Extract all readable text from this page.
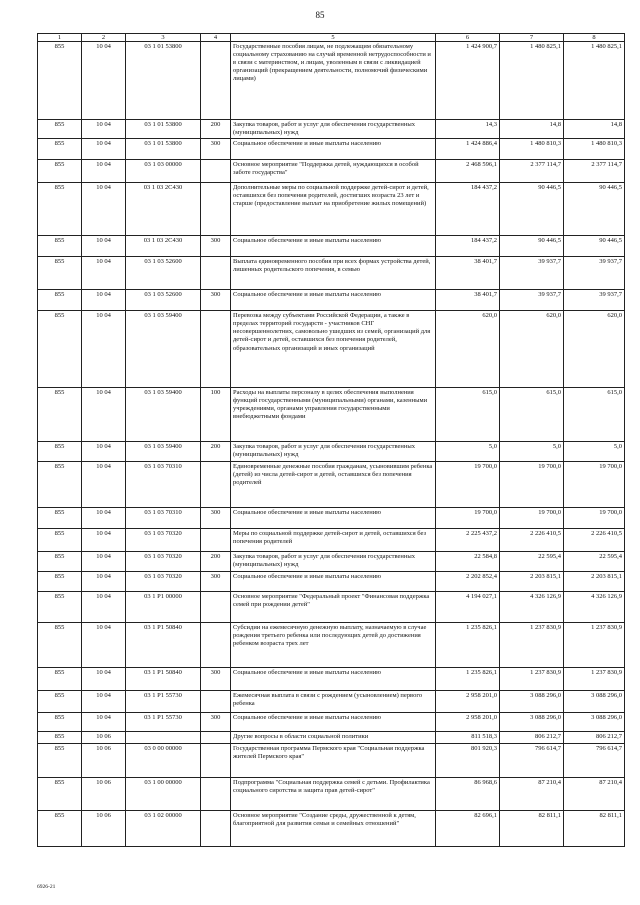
85
1	2	3	4	5	6	7	8
855	10 04	03 1 01 53800		Государственные пособия лицам, не подлежащим обязательному социальному страхованию на случай временной нетрудоспособности и в связи с материнством, и лицам, уволенным в связи с ликвидацией организаций (прекращением деятельности, полномочий физическими лицами)	1 424 900,7	1 480 825,1	1 480 825,1
855	10 04	03 1 01 53800	200	Закупка товаров, работ и услуг для обеспечения государственных (муниципальных) нужд	14,3	14,8	14,8
855	10 04	03 1 01 53800	300	Социальное обеспечение и иные выплаты населению	1 424 886,4	1 480 810,3	1 480 810,3
855	10 04	03 1 03 00000		Основное мероприятие "Поддержка детей, нуждающихся в особой заботе государства"	2 468 596,1	2 377 114,7	2 377 114,7
855	10 04	03 1 03 2C430		Дополнительные меры по социальной поддержке детей-сирот и детей, оставшихся без попечения родителей, достигших возраста 23 лет и старше (предоставление выплат на приобретение жилых помещений)	184 437,2	90 446,5	90 446,5
855	10 04	03 1 03 2C430	300	Социальное обеспечение и иные выплаты населению	184 437,2	90 446,5	90 446,5
855	10 04	03 1 03 52600		Выплата единовременного пособия при всех формах устройства детей, лишенных родительского попечения, в семью	38 401,7	39 937,7	39 937,7
855	10 04	03 1 03 52600	300	Социальное обеспечение и иные выплаты населению	38 401,7	39 937,7	39 937,7
855	10 04	03 1 03 59400		Перевозка между субъектами Российской Федерации, а также в пределах территорий государств - участников СНГ несовершеннолетних, самовольно ушедших из семей, организаций для детей-сирот и детей, оставшихся без попечения родителей, образовательных организаций и иных организаций	620,0	620,0	620,0
855	10 04	03 1 03 59400	100	Расходы на выплаты персоналу в целях обеспечения выполнения функций государственными (муниципальными) органами, казенными учреждениями, органами управления государственными внебюджетными фондами	615,0	615,0	615,0
855	10 04	03 1 03 59400	200	Закупка товаров, работ и услуг для обеспечения государственных (муниципальных) нужд	5,0	5,0	5,0
855	10 04	03 1 03 70310		Единовременные денежные пособия гражданам, усыновившим ребенка (детей) из числа детей-сирот и детей, оставшихся без попечения родителей	19 700,0	19 700,0	19 700,0
855	10 04	03 1 03 70310	300	Социальное обеспечение и иные выплаты населению	19 700,0	19 700,0	19 700,0
855	10 04	03 1 03 70320		Меры по социальной поддержке детей-сирот и детей, оставшихся без попечения родителей	2 225 437,2	2 226 410,5	2 226 410,5
855	10 04	03 1 03 70320	200	Закупка товаров, работ и услуг для обеспечения государственных (муниципальных) нужд	22 584,8	22 595,4	22 595,4
855	10 04	03 1 03 70320	300	Социальное обеспечение и иные выплаты населению	2 202 852,4	2 203 815,1	2 203 815,1
855	10 04	03 1 P1 00000		Основное мероприятие "Федеральный проект "Финансовая поддержка семей при рождении детей"	4 194 027,1	4 326 126,9	4 326 126,9
855	10 04	03 1 P1 50840		Субсидии на ежемесячную денежную выплату, назначаемую в случае рождения третьего ребенка или последующих детей до достижения ребенком возраста трех лет	1 235 826,1	1 237 830,9	1 237 830,9
855	10 04	03 1 P1 50840	300	Социальное обеспечение и иные выплаты населению	1 235 826,1	1 237 830,9	1 237 830,9
855	10 04	03 1 P1 55730		Ежемесячная выплата в связи с рождением (усыновлением) первого ребенка	2 958 201,0	3 088 296,0	3 088 296,0
855	10 04	03 1 P1 55730	300	Социальное обеспечение и иные выплаты населению	2 958 201,0	3 088 296,0	3 088 296,0
855	10 06			Другие вопросы в области социальной политики	811 518,3	806 212,7	806 212,7
855	10 06	03 0 00 00000		Государственная программа Пермского края "Социальная поддержка жителей Пермского края"	801 920,3	796 614,7	796 614,7
855	10 06	03 1 00 00000		Подпрограмма "Социальная поддержка семей с детьми. Профилактика социального сиротства и защита прав детей-сирот"	86 968,6	87 210,4	87 210,4
855	10 06	03 1 02 00000		Основное мероприятие "Создание среды, дружественной к детям, благоприятной для развития семьи и семейных отношений"	82 696,1	82 811,1	82 811,1
6926-21
